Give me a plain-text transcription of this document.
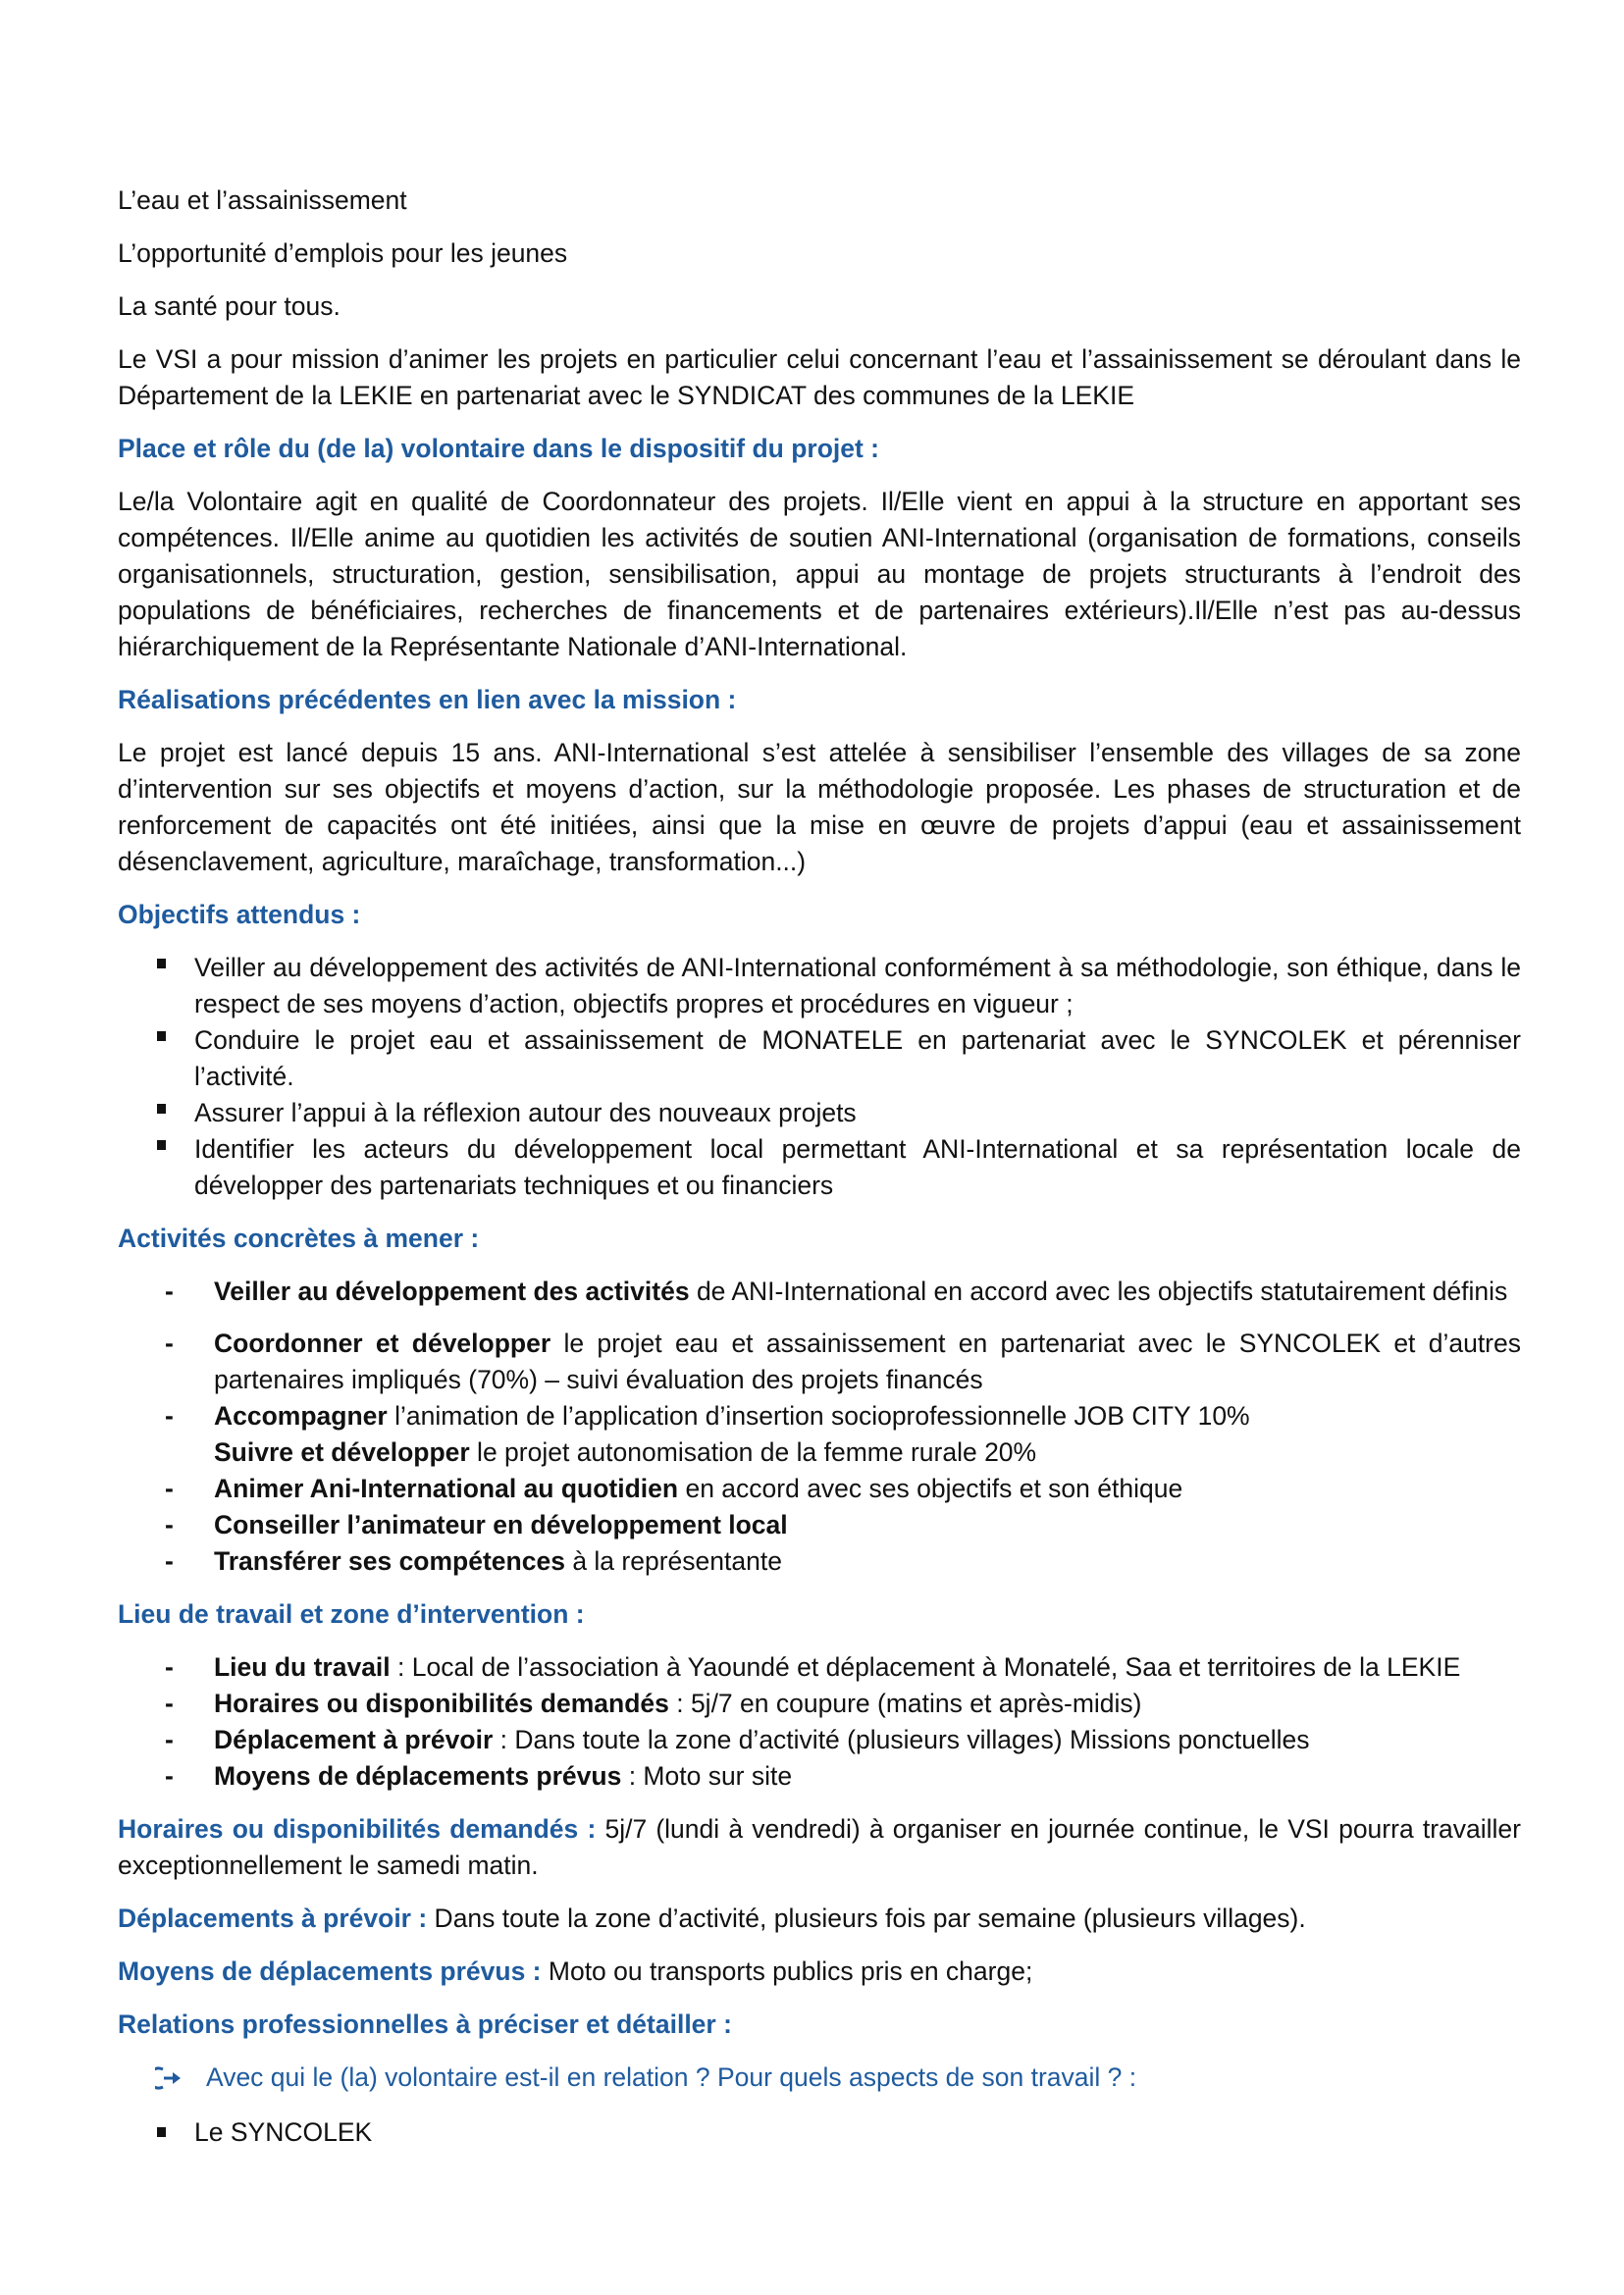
L’eau et l’assainissement

L’opportunité d’emplois pour les jeunes

La santé pour tous.

Le VSI a pour mission d’animer les projets en particulier celui concernant l’eau et l’assainissement se déroulant dans le Département de la LEKIE en partenariat avec le SYNDICAT des communes de la LEKIE

Place et rôle du (de la) volontaire dans le dispositif du projet :

Le/la Volontaire agit en qualité de Coordonnateur des projets. Il/Elle vient en appui à la structure en apportant ses compétences. Il/Elle anime au quotidien les activités de soutien ANI-International (organisation de formations, conseils organisationnels, structuration, gestion, sensibilisation, appui au montage de projets structurants à l’endroit des populations de bénéficiaires, recherches de financements et de partenaires extérieurs).Il/Elle n’est pas au-dessus hiérarchiquement de la Représentante Nationale d’ANI-International.

Réalisations précédentes en lien avec la mission :

Le projet est lancé depuis 15 ans. ANI-International s’est attelée à sensibiliser l’ensemble des villages de sa zone d’intervention sur ses objectifs et moyens d’action, sur la méthodologie proposée. Les phases de structuration et de renforcement de capacités ont été initiées, ainsi que la mise en œuvre de projets d’appui (eau et assainissement désenclavement, agriculture, maraîchage, transformation...)

Objectifs attendus :

Veiller au développement des activités de ANI-International conformément à sa méthodologie, son éthique, dans le respect de ses moyens d’action, objectifs propres et procédures en vigueur ;
Conduire le projet eau et assainissement de MONATELE en partenariat avec le SYNCOLEK et pérenniser l’activité.
Assurer l’appui à la réflexion autour des nouveaux projets
Identifier les acteurs du développement local permettant ANI-International et sa représentation locale de développer des partenariats techniques et ou financiers

Activités concrètes à mener :

- Veiller au développement des activités de ANI-International en accord avec les objectifs statutairement définis
- Coordonner et développer le projet eau et assainissement en partenariat avec le SYNCOLEK et d’autres partenaires impliqués (70%) – suivi évaluation des projets financés
- Accompagner l’animation de l’application d’insertion socioprofessionnelle JOB CITY 10%
Suivre et développer le projet autonomisation de la femme rurale 20%
- Animer Ani-International au quotidien en accord avec ses objectifs et son éthique
- Conseiller l’animateur en développement local
- Transférer ses compétences à la représentante

Lieu de travail et zone d’intervention :

- Lieu du travail : Local de l’association à Yaoundé et déplacement à Monatelé, Saa et territoires de la LEKIE
- Horaires ou disponibilités demandés : 5j/7 en coupure (matins et après-midis)
- Déplacement à prévoir : Dans toute la zone d’activité (plusieurs villages) Missions ponctuelles
- Moyens de déplacements prévus : Moto sur site

Horaires ou disponibilités demandés : 5j/7 (lundi à vendredi) à organiser en journée continue, le VSI pourra travailler exceptionnellement le samedi matin.

Déplacements à prévoir : Dans toute la zone d’activité, plusieurs fois par semaine (plusieurs villages).

Moyens de déplacements prévus : Moto ou transports publics pris en charge;

Relations professionnelles à préciser et détailler :

Avec qui le (la) volontaire est-il en relation ? Pour quels aspects de son travail ? :
Le SYNCOLEK
